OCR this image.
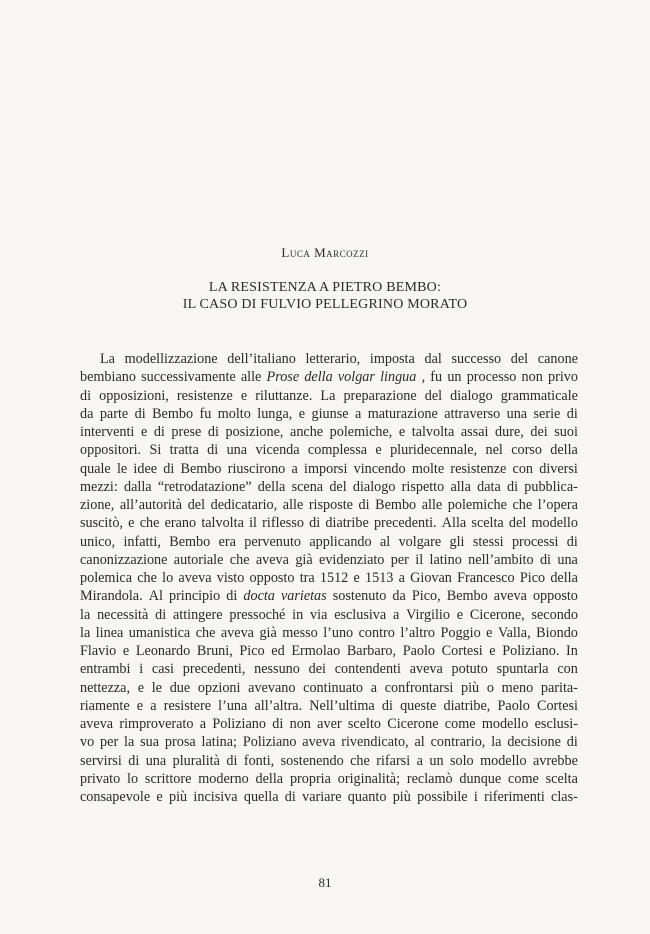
Luca Marcozzi
LA RESISTENZA A PIETRO BEMBO:
IL CASO DI FULVIO PELLEGRINO MORATO
La modellizzazione dell’italiano letterario, imposta dal successo del canone
bembiano successivamente alle Prose della volgar lingua , fu un processo non privo
di opposizioni, resistenze e riluttanze. La preparazione del dialogo grammaticale
da parte di Bembo fu molto lunga, e giunse a maturazione attraverso una serie di
interventi e di prese di posizione, anche polemiche, e talvolta assai dure, dei suoi
oppositori. Si tratta di una vicenda complessa e pluridecennale, nel corso della
quale le idee di Bembo riuscirono a imporsi vincendo molte resistenze con diversi
mezzi: dalla “retrodatazione” della scena del dialogo rispetto alla data di pubblica-
zione, all’autorità del dedicatario, alle risposte di Bembo alle polemiche che l’opera
suscitò, e che erano talvolta il riflesso di diatribe precedenti. Alla scelta del modello
unico, infatti, Bembo era pervenuto applicando al volgare gli stessi processi di
canonizzazione autoriale che aveva già evidenziato per il latino nell’ambito di una
polemica che lo aveva visto opposto tra 1512 e 1513 a Giovan Francesco Pico della
Mirandola. Al principio di docta varietas sostenuto da Pico, Bembo aveva opposto
la necessità di attingere pressoché in via esclusiva a Virgilio e Cicerone, secondo
la linea umanistica che aveva già messo l’uno contro l’altro Poggio e Valla, Biondo
Flavio e Leonardo Bruni, Pico ed Ermolao Barbaro, Paolo Cortesi e Poliziano. In
entrambi i casi precedenti, nessuno dei contendenti aveva potuto spuntarla con
nettezza, e le due opzioni avevano continuato a confrontarsi più o meno parita-
riamente e a resistere l’una all’altra. Nell’ultima di queste diatribe, Paolo Cortesi
aveva rimproverato a Poliziano di non aver scelto Cicerone come modello esclusi-
vo per la sua prosa latina; Poliziano aveva rivendicato, al contrario, la decisione di
servirsi di una pluralità di fonti, sostenendo che rifarsi a un solo modello avrebbe
privato lo scrittore moderno della propria originalità; reclamò dunque come scelta
consapevole e più incisiva quella di variare quanto più possibile i riferimenti clas-
81
